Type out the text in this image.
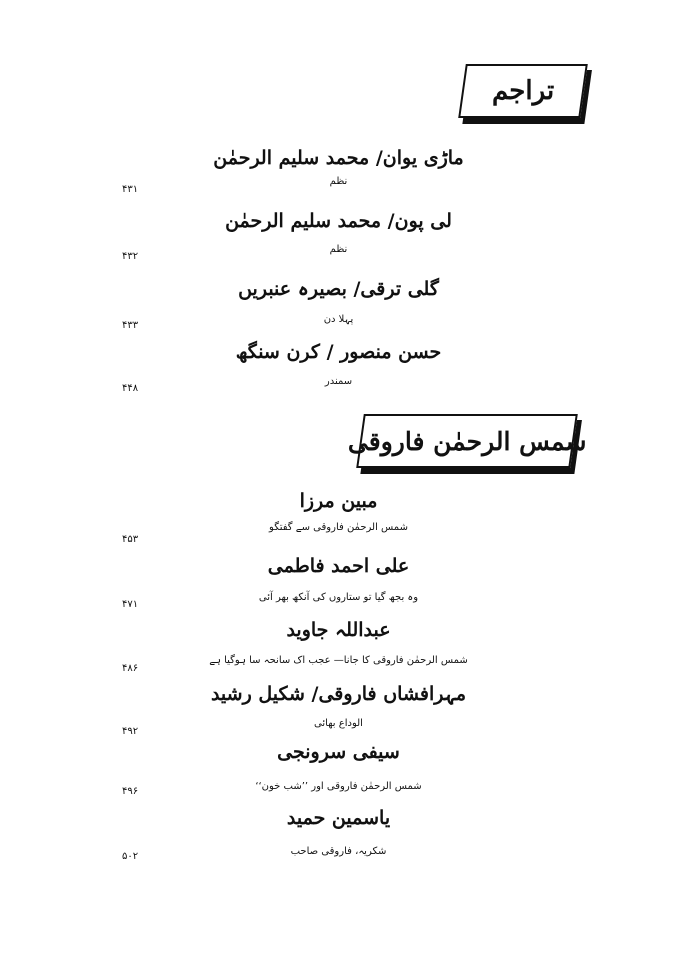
تراجم
ماڑی یوان/ محمد سلیم الرحمٰن
نظم
۴۳۱
لی پون/ محمد سلیم الرحمٰن
نظم
۴۳۲
گلی ترقی/ بصیرہ عنبریں
پہلا دن
۴۳۳
حسن منصور / کرن سنگھ
سمندر
۴۴۸
شمس الرحمٰن فاروقی
مبین مرزا
شمس الرحمٰن فاروقی سے گفتگو
۴۵۳
علی احمد فاطمی
وہ بجھ گیا تو ستاروں کی آنکھ بھر آئی
۴۷۱
عبداللہ جاوید
شمس الرحمٰن فاروقی کا جانا— عجب اک سانحہ سا ہوگیا ہے
۴۸۶
مہرافشاں فاروقی/ شکیل رشید
الوداع بھائی
۴۹۲
سیفی سرونجی
شمس الرحمٰن فاروقی اور ’’شب خون‘‘
۴۹۶
یاسمین حمید
شکریہ، فاروقی صاحب
۵۰۲
